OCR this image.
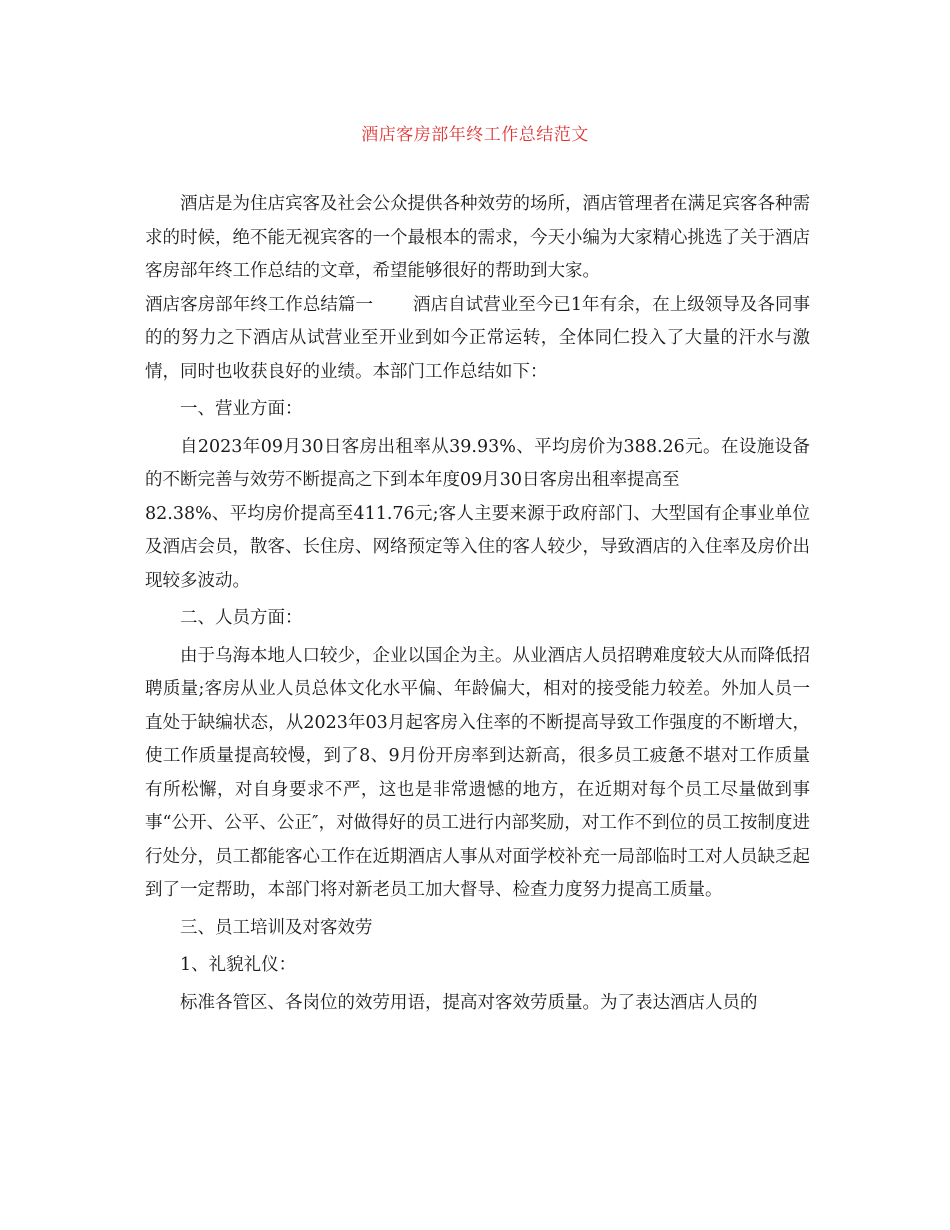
酒店客房部年终工作总结范文

酒店是为住店宾客及社会公众提供各种效劳的场所，酒店管理者在满足宾客各种需求的时候，绝不能无视宾客的一个最根本的需求，今天小编为大家精心挑选了关于酒店客房部年终工作总结的文章，希望能够很好的帮助到大家。

酒店客房部年终工作总结篇一 酒店自试营业至今已1年有余，在上级领导及各同事的的努力之下酒店从试营业至开业到如今正常运转，全体同仁投入了大量的汗水与激情，同时也收获良好的业绩。本部门工作总结如下：

一、营业方面：

自2023年09月30日客房出租率从39.93%、平均房价为388.26元。在设施设备的不断完善与效劳不断提高之下到本年度09月30日客房出租率提高至

82.38%、平均房价提高至411.76元;客人主要来源于政府部门、大型国有企事业单位及酒店会员，散客、长住房、网络预定等入住的客人较少，导致酒店的入住率及房价出现较多波动。

二、人员方面：

由于乌海本地人口较少，企业以国企为主。从业酒店人员招聘难度较大从而降低招聘质量;客房从业人员总体文化水平偏、年龄偏大，相对的接受能力较差。外加人员一直处于缺编状态，从2023年03月起客房入住率的不断提高导致工作强度的不断增大，使工作质量提高较慢，到了8、9月份开房率到达新高，很多员工疲惫不堪对工作质量有所松懈，对自身要求不严，这也是非常遗憾的地方，在近期对每个员工尽量做到事事“公开、公平、公正″，对做得好的员工进行内部奖励，对工作不到位的员工按制度进行处分，员工都能客心工作在近期酒店人事从对面学校补充一局部临时工对人员缺乏起到了一定帮助，本部门将对新老员工加大督导、检查力度努力提高工质量。

三、员工培训及对客效劳

1、礼貌礼仪：

标准各管区、各岗位的效劳用语，提高对客效劳质量。为了表达酒店人员的
